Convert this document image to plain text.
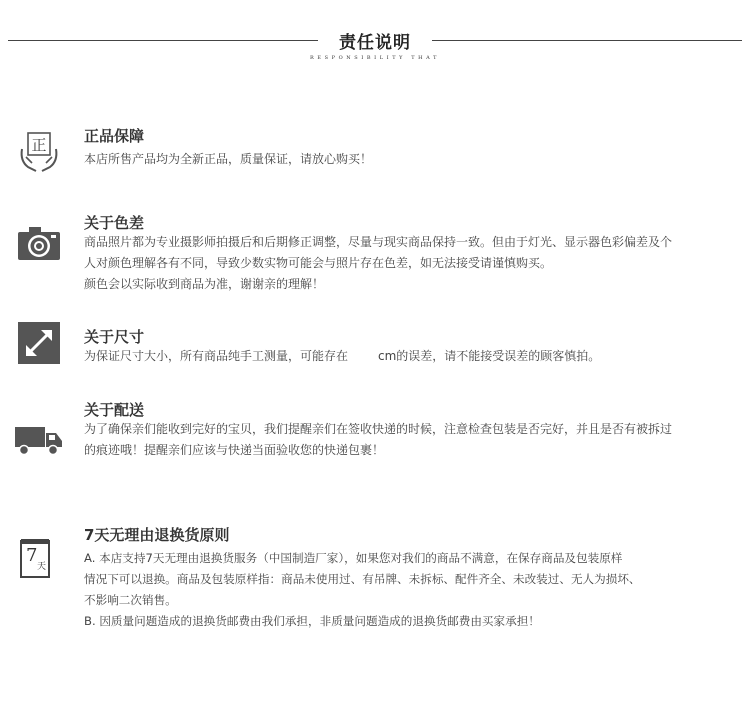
责任说明
RESPONSIBILITY THAT
正 正品保障
本店所售产品均为全新正品，质量保证，请放心购买！
关于色差
商品照片都为专业摄影师拍摄后和后期修正调整，尽量与现实商品保持一致。但由于灯光、显示器色彩偏差及个
人对颜色理解各有不同，导致少数实物可能会与照片存在色差，如无法接受请谨慎购买。
颜色会以实际收到商品为准，谢谢亲的理解！
关于尺寸
为保证尺寸大小，所有商品纯手工测量，可能存在	cm的误差，请不能接受误差的顾客慎拍。
关于配送
为了确保亲们能收到完好的宝贝，我们提醒亲们在签收快递的时候，注意检查包装是否完好，并且是否有被拆过
的痕迹哦！提醒亲们应该与快递当面验收您的快递包裹！
7
天
7天无理由退换货原则
A. 本店支持7天无理由退换货服务（中国制造厂家），如果您对我们的商品不满意，在保存商品及包装原样
情况下可以退换。商品及包装原样指：商品未使用过、有吊牌、未拆标、配件齐全、未改装过、无人为损坏、
不影响二次销售。
B. 因质量问题造成的退换货邮费由我们承担，非质量问题造成的退换货邮费由买家承担！
